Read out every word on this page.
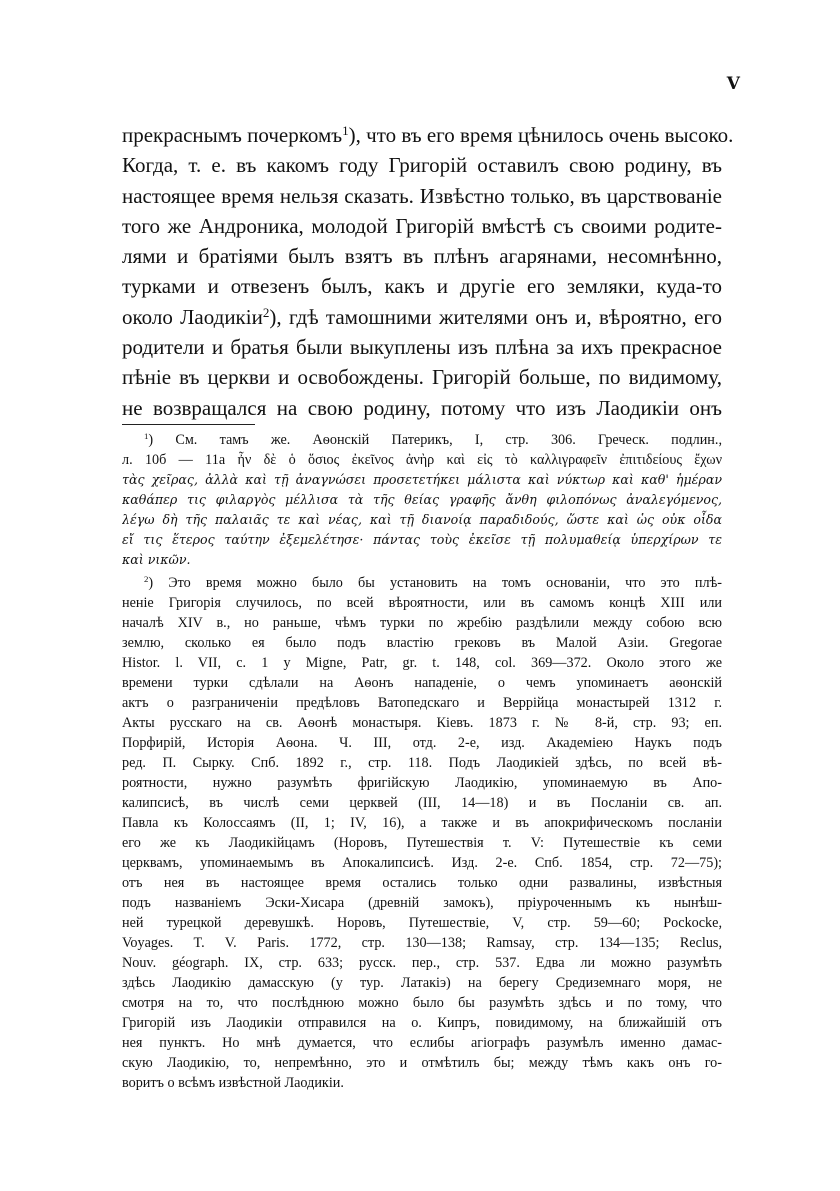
V
прекраснымъ почеркомъ$^1$), что въ его время цѣнилось очень высоко.
Когда, т. е. въ какомъ году Григорій оставилъ свою родину, въ
настоящее время нельзя сказать. Извѣстно только, въ царствованіе
того же Андроника, молодой Григорій вмѣстѣ съ своими родите-
лями и братіями былъ взятъ въ плѣнъ агарянами, несомнѣнно,
турками и отвезенъ былъ, какъ и другіе его земляки, куда-то
около Лаодикіи$^2$), гдѣ тамошними жителями онъ и, вѣроятно, его
родители и братья были выкуплены изъ плѣна за ихъ прекрасное
пѣніе въ церкви и освобождены. Григорій больше, по видимому,
не возвращался на свою родину, потому что изъ Лаодикіи онъ
$^1$) См. тамъ же. Аѳонскій Патерикъ, I, стр. 306. Греческ. подлин.,
л. 10б — 11а ἦν δὲ ὁ ὅσιος ἐκεῖνος ἀνὴρ καὶ εἰς τὸ καλλιγραφεῖν ἐπιτιδείους ἔχων
τὰς χεῖρας, ἀλλὰ καὶ τῇ ἀναγνώσει προσετετήκει μάλιστα καὶ νύκτωρ καὶ καθ' ἡμέραν
καθάπερ τις φιλαργὸς μέλλισα τὰ τῆς θείας γραφῆς ἄνθη φιλοπόνως ἀναλεγόμενος,
λέγω δὴ τῆς παλαιᾶς τε καὶ νέας, καὶ τῇ διανοίᾳ παραδιδούς, ὥστε καὶ ὡς οὐκ οἶδα
εἴ τις ἕτερος ταύτην ἐξεμελέτησε· πάντας τοὺς ἐκεῖσε τῇ πολυμαθείᾳ ὑπερχίρων τε
καὶ νικῶν.
$^2$) Это время можно было бы установить на томъ основаніи, что это плѣ-
неніе Григорія случилось, по всей вѣроятности, или въ самомъ концѣ XIII или
началѣ XIV в., но раньше, чѣмъ турки по жребію раздѣлили между собою всю
землю, сколько ея было подъ властію грековъ въ Малой Азіи. Gregorae
Histor. l. VII, c. 1 у Migne, Patr, gr. t. 148, col. 369—372. Около этого же
времени турки сдѣлали на Аѳонъ нападеніе, о чемъ упоминаетъ аѳонскій
актъ о разграниченіи предѣловъ Ватопедскаго и Веррійца монастырей 1312 г.
Акты русскаго на св. Аѳонѣ монастыря. Кіевъ. 1873 г. № 8-й, стр. 93; еп.
Порфирій, Исторія Аѳона. Ч. III, отд. 2-е, изд. Академіею Наукъ подъ
ред. П. Сырку. Спб. 1892 г., стр. 118. Подъ Лаодикіей здѣсь, по всей вѣ-
роятности, нужно разумѣть фригійскую Лаодикію, упоминаемую въ Апо-
калипсисѣ, въ числѣ семи церквей (III, 14—18) и въ Посланіи св. ап.
Павла къ Колоссаямъ (II, 1; IV, 16), а также и въ апокрифическомъ посланіи
его же къ Лаодикійцамъ (Норовъ, Путешествія т. V: Путешествіе къ семи
церквамъ, упоминаемымъ въ Апокалипсисѣ. Изд. 2-е. Спб. 1854, стр. 72—75);
отъ нея въ настоящее время остались только одни развалины, извѣстныя
подъ названіемъ Эски-Хисара (древній замокъ), пріуроченнымъ къ нынѣш-
ней турецкой деревушкѣ. Норовъ, Путешествіе, V, стр. 59—60; Pockocke,
Voyages. T. V. Paris. 1772, стр. 130—138; Ramsay, стр. 134—135; Reclus,
Nouv. géograph. IX, стр. 633; русск. пер., стр. 537. Едва ли можно разумѣть
здѣсь Лаодикію дамасскую (у тур. Латакіэ) на берегу Средиземнаго моря, не
смотря на то, что послѣднюю можно было бы разумѣть здѣсь и по тому, что
Григорій изъ Лаодикіи отправился на о. Кипръ, повидимому, на ближайшій отъ
нея пунктъ. Но мнѣ думается, что еслибы агіографъ разумѣлъ именно дамас-
скую Лаодикію, то, непремѣнно, это и отмѣтилъ бы; между тѣмъ какъ онъ го-
воритъ о всѣмъ извѣстной Лаодикіи.
